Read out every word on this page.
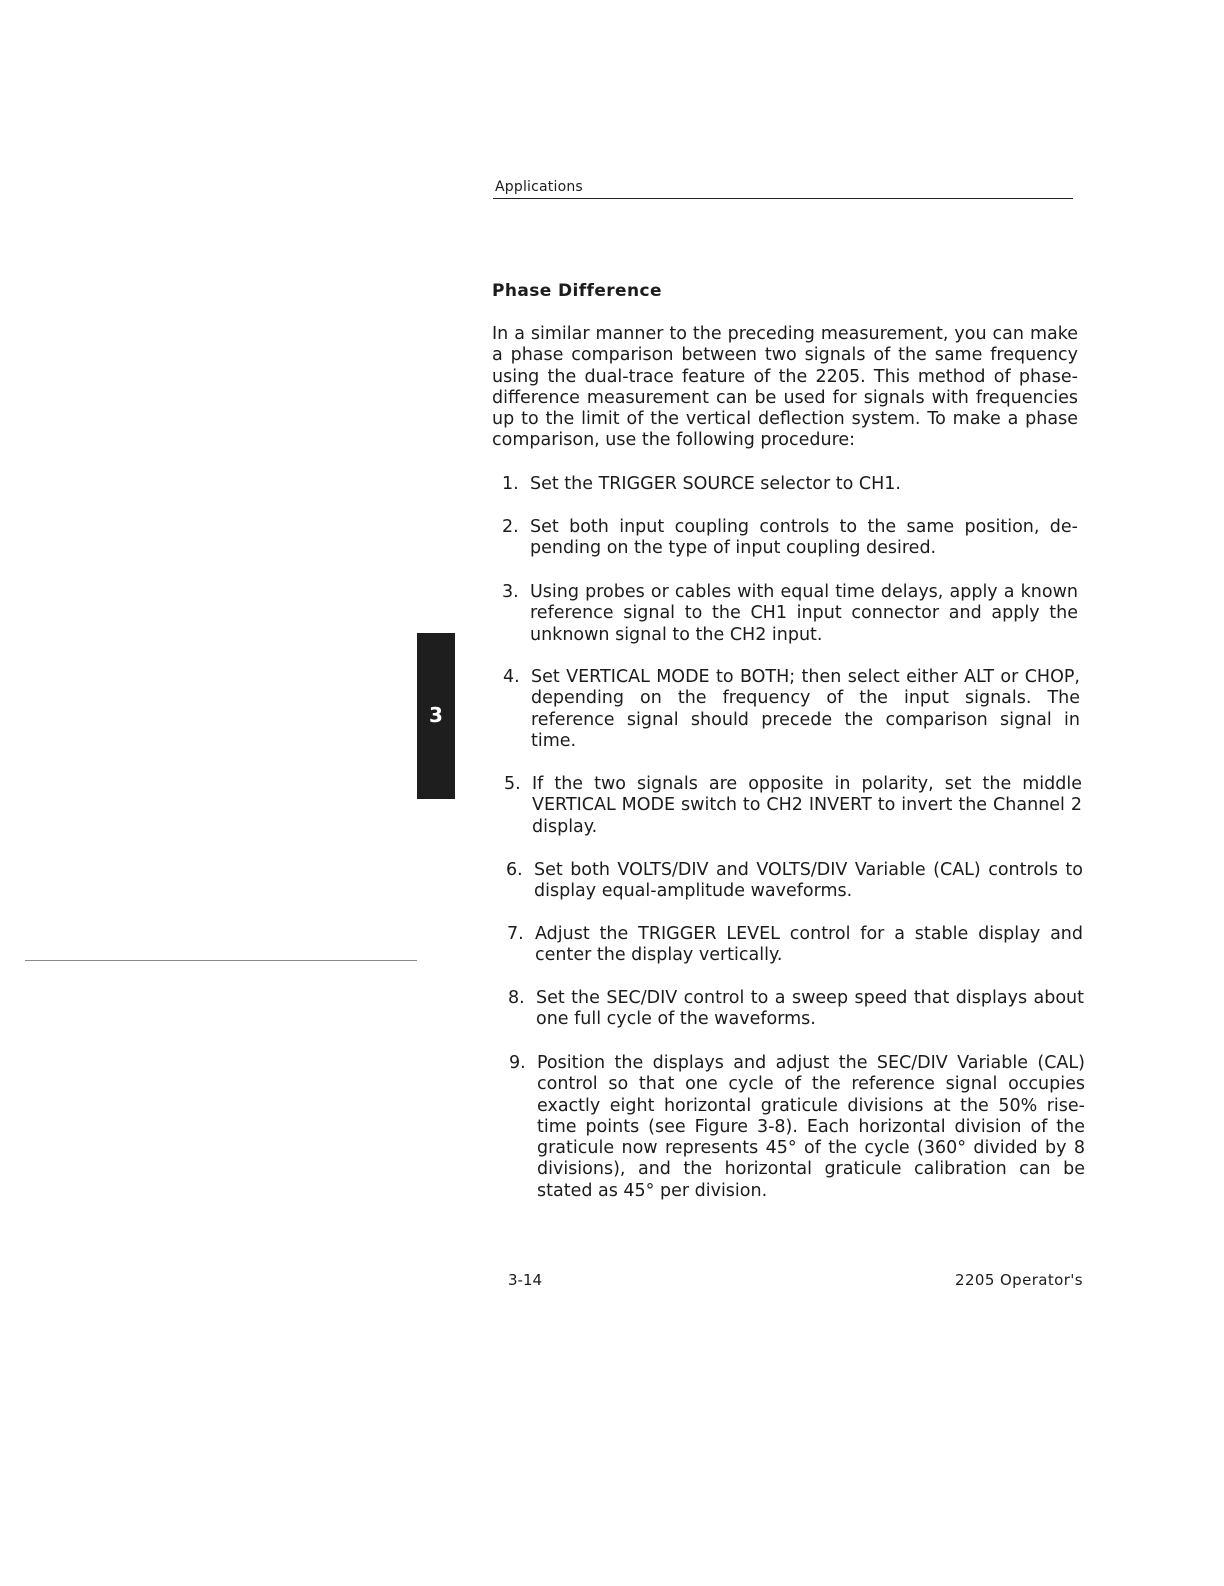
Applications
3
Phase Difference

In a similar manner to the preceding measurement, you can make a phase comparison between two signals of the same frequency using the dual-trace feature of the 2205. This method of phase-difference measurement can be used for signals with frequencies up to the limit of the vertical deflection system. To make a phase comparison, use the following procedure:

1. Set the TRIGGER SOURCE selector to CH1.
2. Set both input coupling controls to the same position, depending on the type of input coupling desired.
3. Using probes or cables with equal time delays, apply a known reference signal to the CH1 input connector and apply the unknown signal to the CH2 input.
4. Set VERTICAL MODE to BOTH; then select either ALT or CHOP, depending on the frequency of the input signals. The reference signal should precede the comparison signal in time.
5. If the two signals are opposite in polarity, set the middle VERTICAL MODE switch to CH2 INVERT to invert the Channel 2 display.
6. Set both VOLTS/DIV and VOLTS/DIV Variable (CAL) controls to display equal-amplitude waveforms.
7. Adjust the TRIGGER LEVEL control for a stable display and center the display vertically.
8. Set the SEC/DIV control to a sweep speed that displays about one full cycle of the waveforms.
9. Position the displays and adjust the SEC/DIV Variable (CAL) control so that one cycle of the reference signal occupies exactly eight horizontal graticule divisions at the 50% rise-time points (see Figure 3-8). Each horizontal division of the graticule now represents 45° of the cycle (360° divided by 8 divisions), and the horizontal graticule calibration can be stated as 45° per division.
3-14	2205 Operator's
